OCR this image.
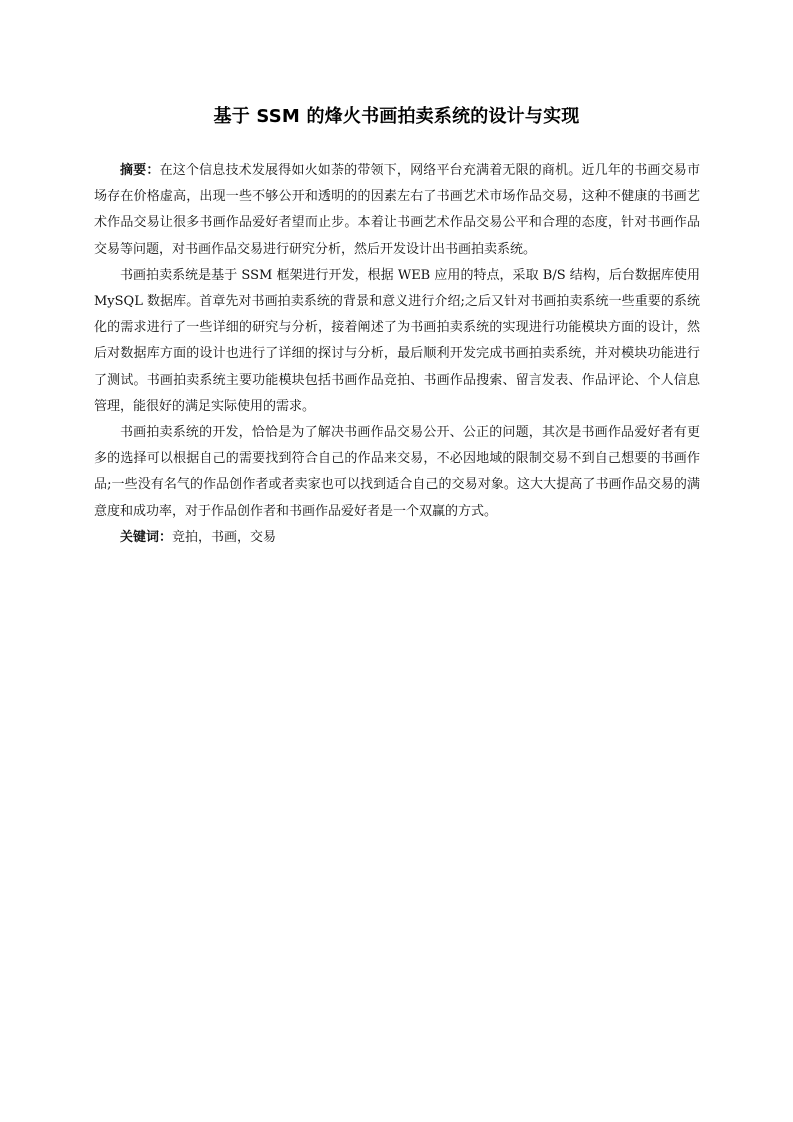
基于 SSM 的烽火书画拍卖系统的设计与实现

摘要：在这个信息技术发展得如火如荼的带领下，网络平台充满着无限的商机。近几年的书画交易市场存在价格虚高，出现一些不够公开和透明的的因素左右了书画艺术市场作品交易，这种不健康的书画艺术作品交易让很多书画作品爱好者望而止步。本着让书画艺术作品交易公平和合理的态度，针对书画作品交易等问题，对书画作品交易进行研究分析，然后开发设计出书画拍卖系统。

书画拍卖系统是基于 SSM 框架进行开发，根据 WEB 应用的特点，采取 B/S 结构，后台数据库使用 MySQL 数据库。首章先对书画拍卖系统的背景和意义进行介绍;之后又针对书画拍卖系统一些重要的系统化的需求进行了一些详细的研究与分析，接着阐述了为书画拍卖系统的实现进行功能模块方面的设计，然后对数据库方面的设计也进行了详细的探讨与分析，最后顺利开发完成书画拍卖系统，并对模块功能进行了测试。书画拍卖系统主要功能模块包括书画作品竞拍、书画作品搜索、留言发表、作品评论、个人信息管理，能很好的满足实际使用的需求。

书画拍卖系统的开发，恰恰是为了解决书画作品交易公开、公正的问题，其次是书画作品爱好者有更多的选择可以根据自己的需要找到符合自己的作品来交易，不必因地域的限制交易不到自己想要的书画作品;一些没有名气的作品创作者或者卖家也可以找到适合自己的交易对象。这大大提高了书画作品交易的满意度和成功率，对于作品创作者和书画作品爱好者是一个双赢的方式。

关键词：竞拍，书画，交易
